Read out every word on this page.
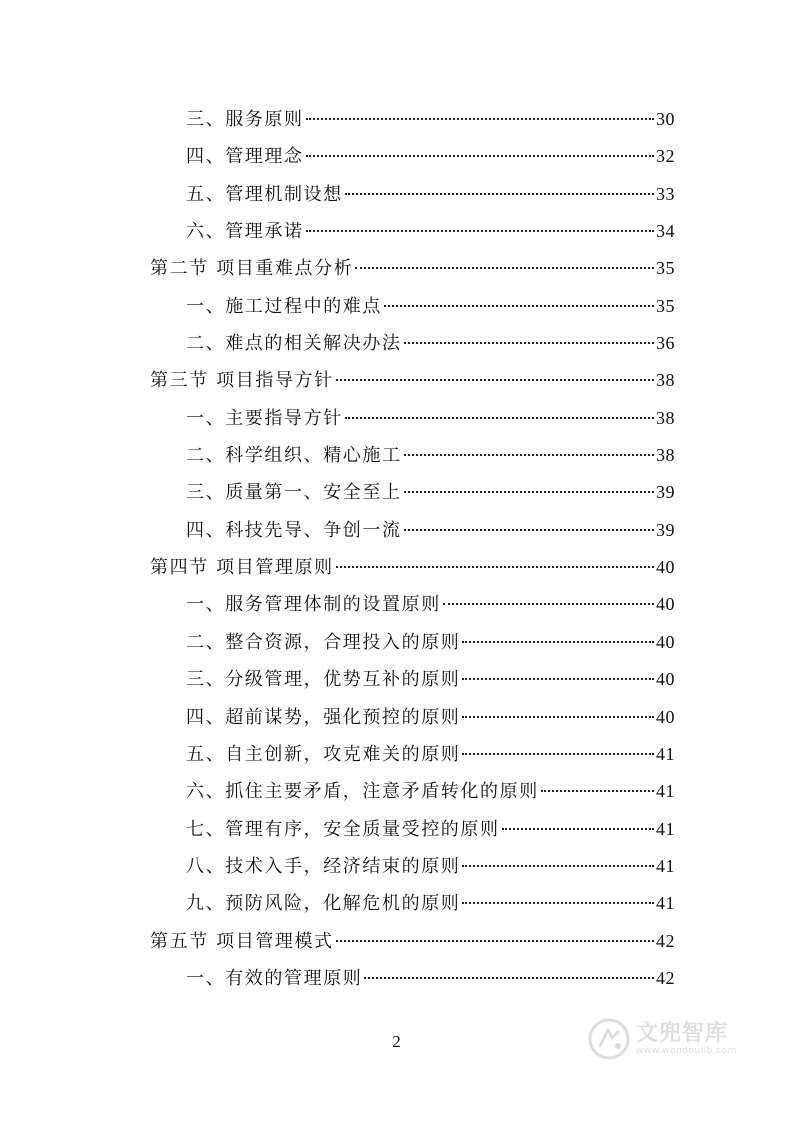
三、服务原则	30
四、管理理念	32
五、管理机制设想	33
六、管理承诺	34
第二节 项目重难点分析	35
一、施工过程中的难点	35
二、难点的相关解决办法	36
第三节 项目指导方针	38
一、主要指导方针	38
二、科学组织、精心施工	38
三、质量第一、安全至上	39
四、科技先导、争创一流	39
第四节 项目管理原则	40
一、服务管理体制的设置原则	40
二、整合资源，合理投入的原则	40
三、分级管理，优势互补的原则	40
四、超前谋势，强化预控的原则	40
五、自主创新，攻克难关的原则	41
六、抓住主要矛盾，注意矛盾转化的原则	41
七、管理有序，安全质量受控的原则	41
八、技术入手，经济结束的原则	41
九、预防风险，化解危机的原则	41
第五节 项目管理模式	42
一、有效的管理原则	42
2	文兜智库
www.wendoulib.com
